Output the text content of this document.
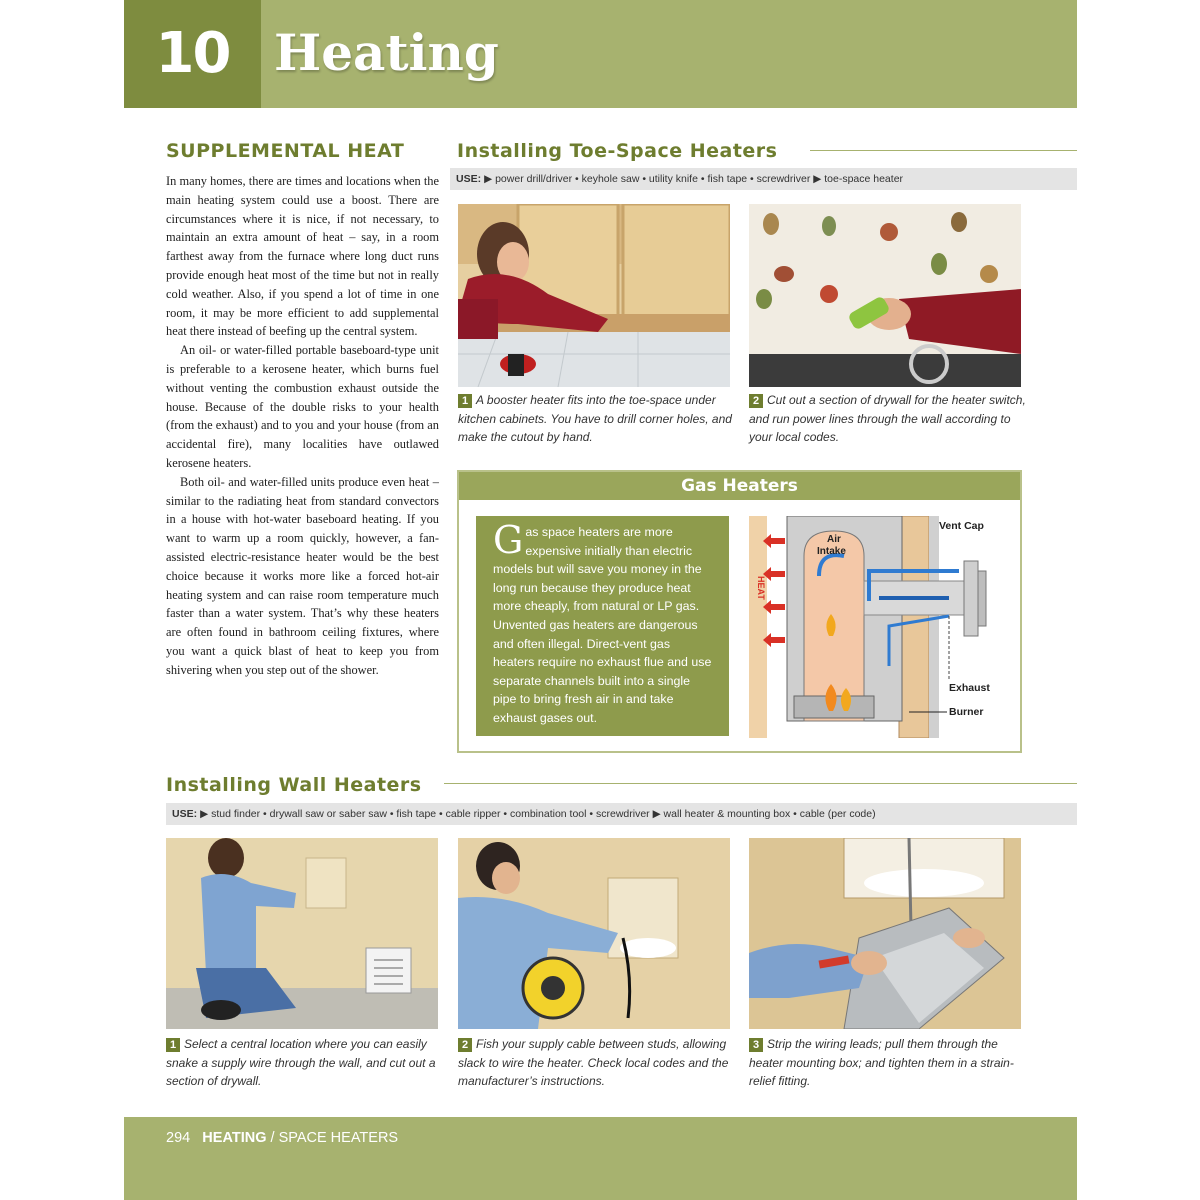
10 Heating
SUPPLEMENTAL HEAT

In many homes, there are times and locations when the main heating system could use a boost. There are circumstances where it is nice, if not necessary, to maintain an extra amount of heat – say, in a room farthest away from the furnace where long duct runs provide enough heat most of the time but not in really cold weather. Also, if you spend a lot of time in one room, it may be more efficient to add supplemental heat there instead of beefing up the central system.

An oil- or water-filled portable baseboard-type unit is preferable to a kerosene heater, which burns fuel without venting the combustion exhaust outside the house. Because of the double risks to your health (from the exhaust) and to you and your house (from an accidental fire), many localities have outlawed kerosene heaters.

Both oil- and water-filled units produce even heat – similar to the radiating heat from standard convectors in a house with hot-water baseboard heating. If you want to warm up a room quickly, however, a fan-assisted electric-resistance heater would be the best choice because it works more like a forced hot-air heating system and can raise room temperature much faster than a water system. That’s why these heaters are often found in bathroom ceiling fixtures, where you want a quick blast of heat to keep you from shivering when you step out of the shower.

Installing Toe-Space Heaters
USE: ▶ power drill/driver • keyhole saw • utility knife • fish tape • screwdriver ▶ toe-space heater
1 A booster heater fits into the toe-space under kitchen cabinets. You have to drill corner holes, and make the cutout by hand.
2 Cut out a section of drywall for the heater switch, and run power lines through the wall according to your local codes.
Gas Heaters
Gas space heaters are more expensive initially than electric models but will save you money in the long run because they produce heat more cheaply, from natural or LP gas. Unvented gas heaters are dangerous and often illegal. Direct-vent gas heaters require no exhaust flue and use separate channels built into a single pipe to bring fresh air in and take exhaust gases out.
Vent Cap
Air
Intake
Exhaust
Burner
HEAT
Installing Wall Heaters
USE: ▶ stud finder • drywall saw or saber saw • fish tape • cable ripper • combination tool • screwdriver ▶ wall heater & mounting box • cable (per code)
1 Select a central location where you can easily snake a supply wire through the wall, and cut out a section of drywall.
2 Fish your supply cable between studs, allowing slack to wire the heater. Check local codes and the manufacturer’s instructions.
3 Strip the wiring leads; pull them through the heater mounting box; and tighten them in a strain-relief fitting.
294 HEATING / SPACE HEATERS
